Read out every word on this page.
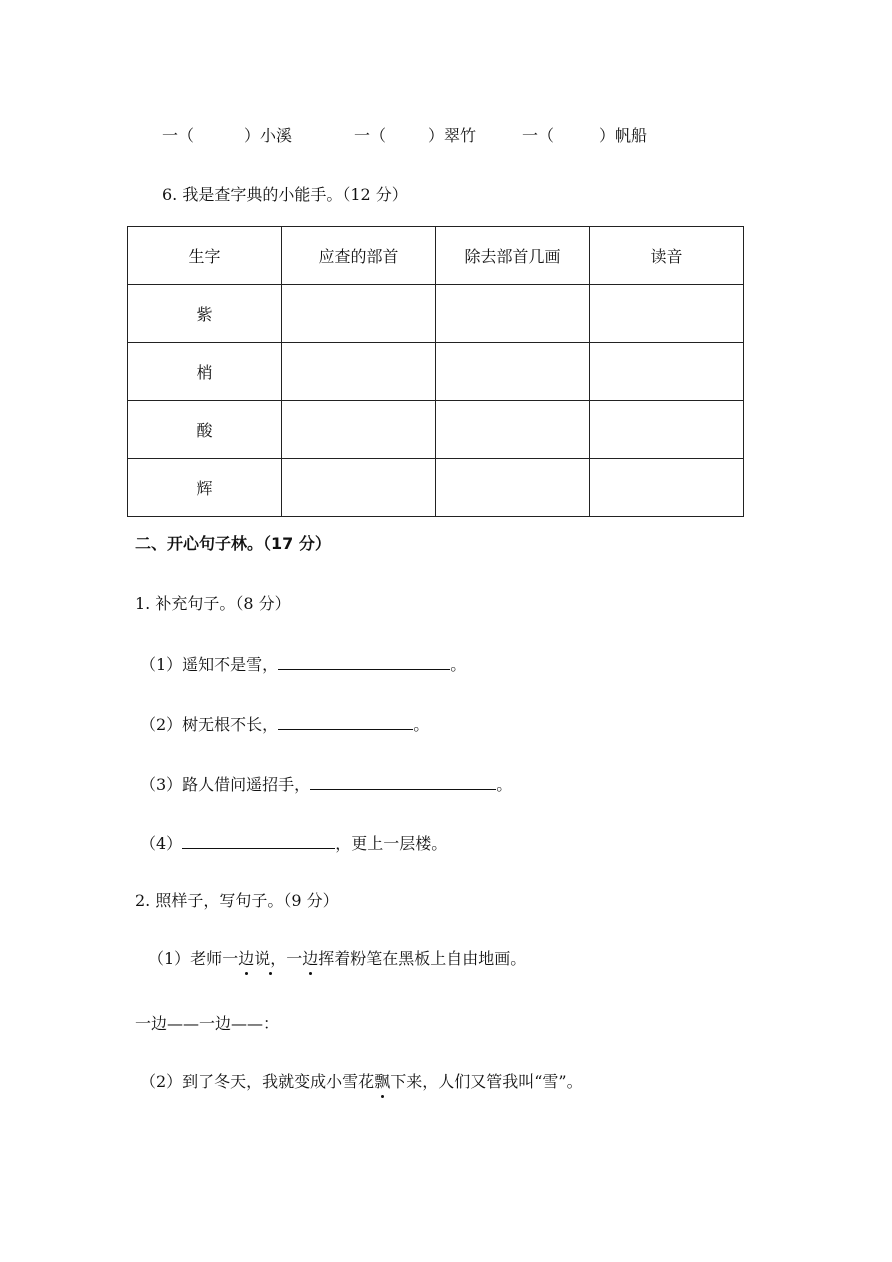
一（	）小溪	一（	）翠竹	一（	）帆船
6. 我是查字典的小能手。（12 分）
生字	应查的部首	除去部首几画	读音
紫			
梢			
酸			
辉			
二、开心句子林。（17 分）
1. 补充句子。（8 分）
（1）遥知不是雪，	。
（2）树无根不长，	。
（3）路人借问遥招手，	。
（4）	，更上一层楼。
2. 照样子，写句子。（9 分）
（1）老师一边说，一边挥着粉笔在黑板上自由地画。
一边——一边——：
（2）到了冬天，我就变成小雪花飘下来，人们又管我叫“雪”。
